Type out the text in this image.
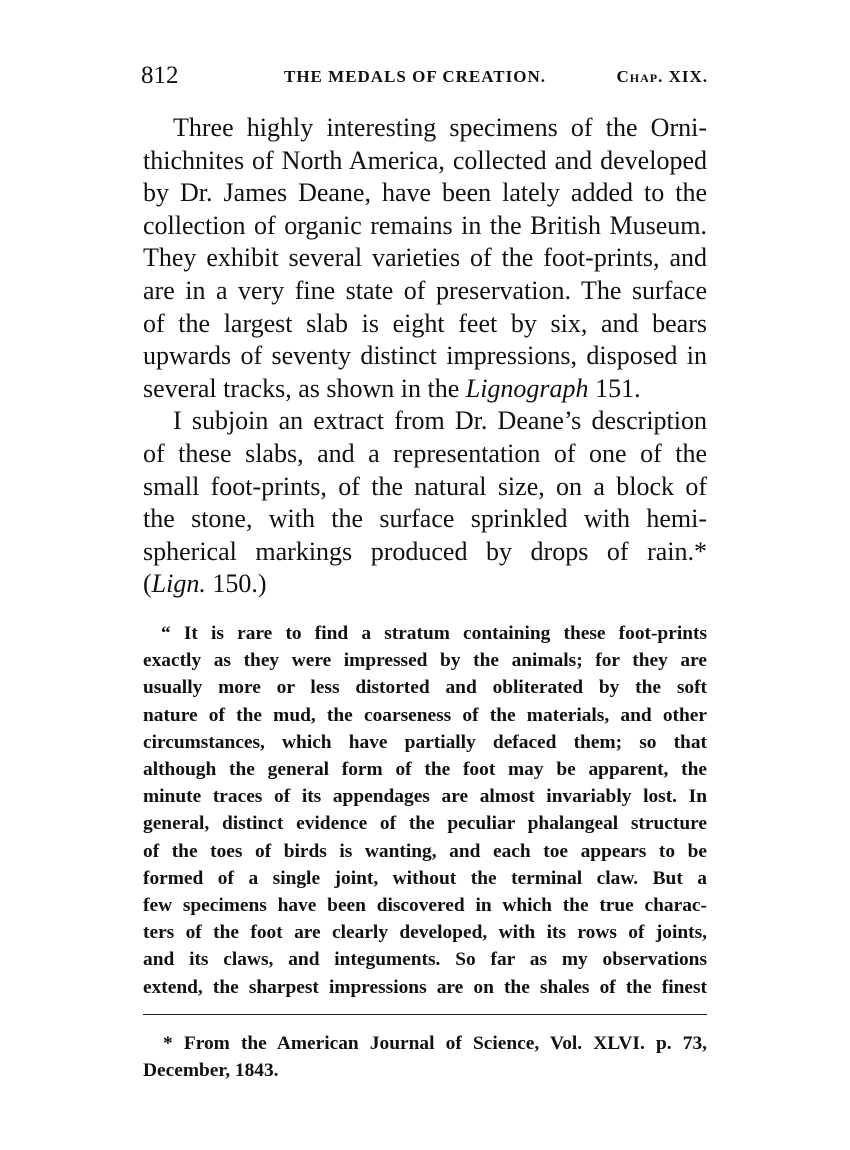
812	THE MEDALS OF CREATION.	Chap. XIX.

Three highly interesting specimens of the Orni-
thichnites of North America, collected and developed
by Dr. James Deane, have been lately added to the
collection of organic remains in the British Museum.
They exhibit several varieties of the foot-prints, and
are in a very fine state of preservation. The surface
of the largest slab is eight feet by six, and bears
upwards of seventy distinct impressions, disposed in
several tracks, as shown in the Lignograph 151.

I subjoin an extract from Dr. Deane’s description
of these slabs, and a representation of one of the
small foot-prints, of the natural size, on a block of
the stone, with the surface sprinkled with hemi-
spherical markings produced by drops of rain.*
(Lign. 150.)

“ It is rare to find a stratum containing these foot-prints
exactly as they were impressed by the animals; for they are
usually more or less distorted and obliterated by the soft
nature of the mud, the coarseness of the materials, and other
circumstances, which have partially defaced them; so that
although the general form of the foot may be apparent, the
minute traces of its appendages are almost invariably lost. In
general, distinct evidence of the peculiar phalangeal structure
of the toes of birds is wanting, and each toe appears to be
formed of a single joint, without the terminal claw. But a
few specimens have been discovered in which the true charac-
ters of the foot are clearly developed, with its rows of joints,
and its claws, and integuments. So far as my observations
extend, the sharpest impressions are on the shales of the finest
* From the American Journal of Science, Vol. XLVI. p. 73,
December, 1843.
